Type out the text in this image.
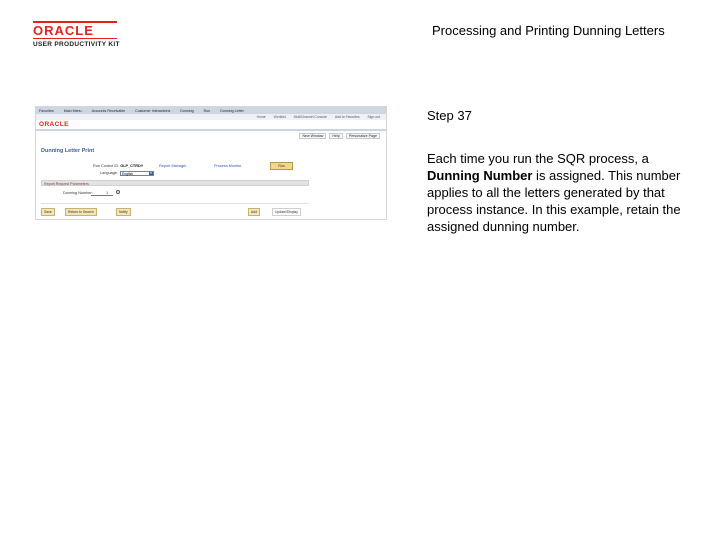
ORACLE
USER PRODUCTIVITY KIT
Processing and Printing Dunning Letters
Step 37
Each time you run the SQR process, a Dunning Number is assigned. This number applies to all the letters generated by that process instance. In this example, retain the assigned dunning number.
Favorites	Main Menu	Accounts Receivable	Customer Interactions	Dunning	Run	Dunning Letter
Home Worklist MultiChannel Console Add to Favorites Sign out
ORACLE
New Window	Help	Personalize Page
Dunning Letter Print
Run Control ID: GLP_CTRDY	Report Manager	Process Monitor	Run
Language:	English	▾
Report Request Parameters
Dunning Number:	1
Save	Return to Search	Notify	Add	Update/Display
